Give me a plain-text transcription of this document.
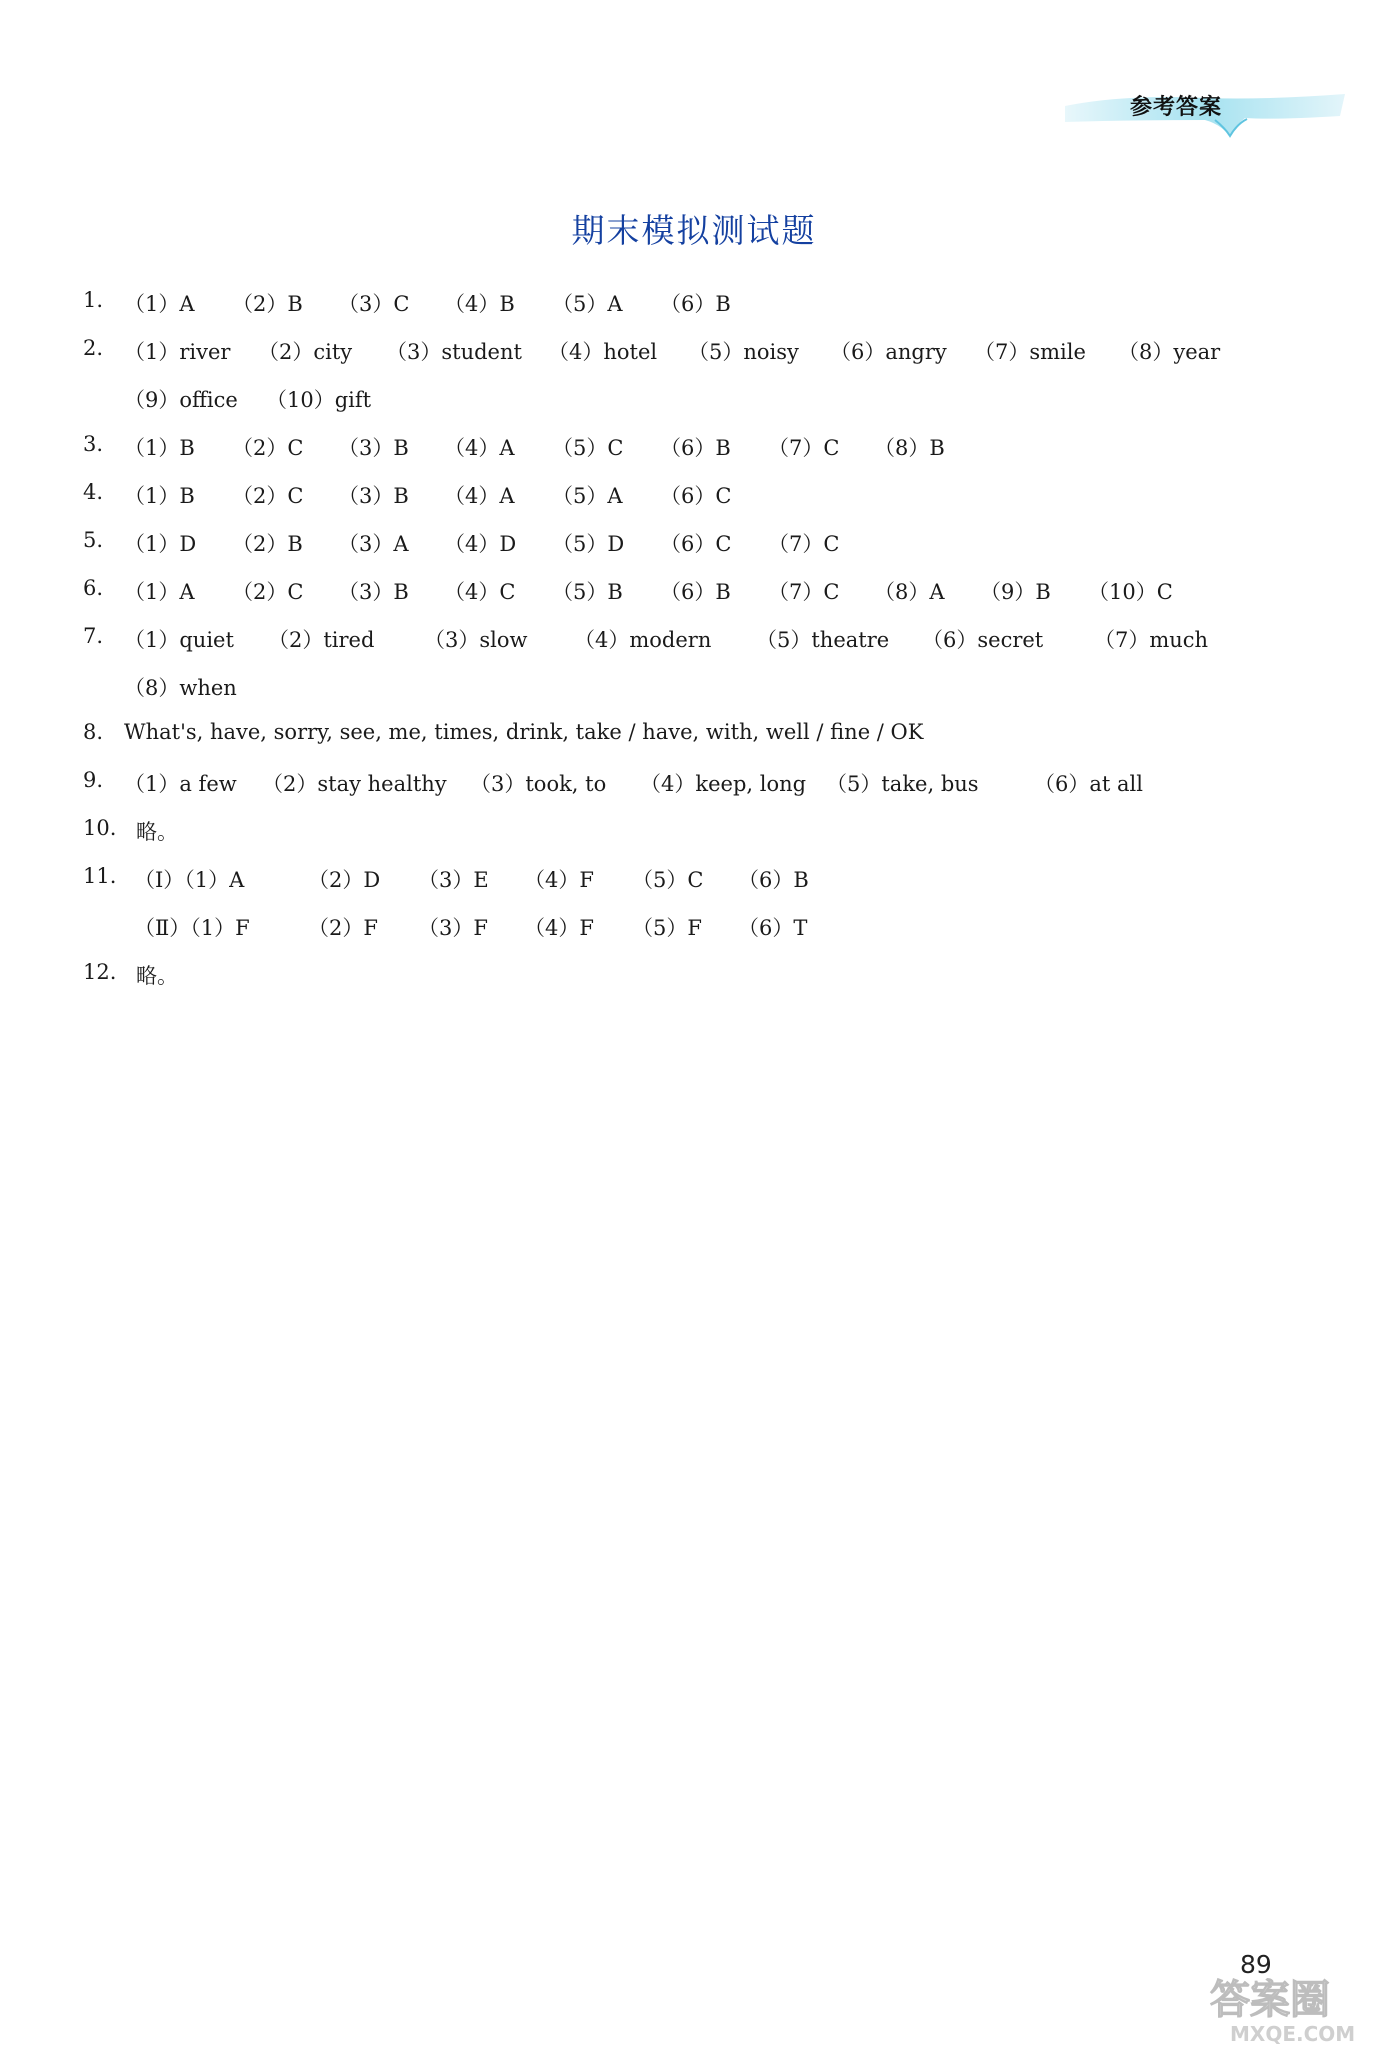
参考答案
期末模拟测试题
1. （1）A （2）B （3）C （4）B （5）A （6）B
2. （1）river （2）city （3）student （4）hotel （5）noisy （6）angry （7）smile （8）year
（9）office （10）gift
3. （1）B （2）C （3）B （4）A （5）C （6）B （7）C （8）B
4. （1）B （2）C （3）B （4）A （5）A （6）C
5. （1）D （2）B （3）A （4）D （5）D （6）C （7）C
6. （1）A （2）C （3）B （4）C （5）B （6）B （7）C （8）A （9）B （10）C
7. （1）quiet （2）tired （3）slow （4）modern （5）theatre （6）secret （7）much
（8）when
8. What's, have, sorry, see, me, times, drink, take / have, with, well / fine / OK
9. （1）a few （2）stay healthy （3）took, to （4）keep, long （5）take, bus	（6）at all
10. 略。
11. （Ⅰ）（1）A	（2）D （3）E （4）F （5）C （6）B
（Ⅱ）（1）F	（2）F （3）F （4）F （5）F （6）T
12. 略。
89
答案圈
MXQE.COM
